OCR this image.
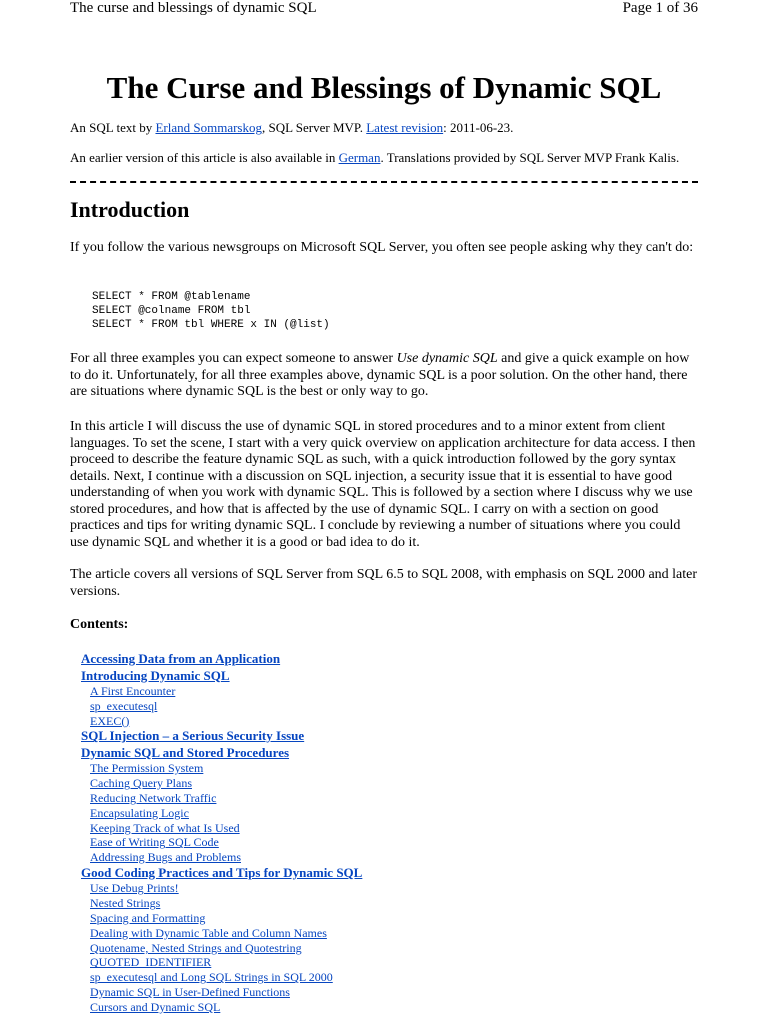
The curse and blessings of dynamic SQL	Page 1 of 36
The Curse and Blessings of Dynamic SQL

An SQL text by Erland Sommarskog, SQL Server MVP. Latest revision: 2011-06-23.

An earlier version of this article is also available in German. Translations provided by SQL Server MVP Frank Kalis.

Introduction

If you follow the various newsgroups on Microsoft SQL Server, you often see people asking why they can't do:

SELECT * FROM @tablename
SELECT @colname FROM tbl
SELECT * FROM tbl WHERE x IN (@list)

For all three examples you can expect someone to answer Use dynamic SQL and give a quick example on how to do it. Unfortunately, for all three examples above, dynamic SQL is a poor solution. On the other hand, there are situations where dynamic SQL is the best or only way to go.

In this article I will discuss the use of dynamic SQL in stored procedures and to a minor extent from client languages. To set the scene, I start with a very quick overview on application architecture for data access. I then proceed to describe the feature dynamic SQL as such, with a quick introduction followed by the gory syntax details. Next, I continue with a discussion on SQL injection, a security issue that it is essential to have good understanding of when you work with dynamic SQL. This is followed by a section where I discuss why we use stored procedures, and how that is affected by the use of dynamic SQL. I carry on with a section on good practices and tips for writing dynamic SQL. I conclude by reviewing a number of situations where you could use dynamic SQL and whether it is a good or bad idea to do it.

The article covers all versions of SQL Server from SQL 6.5 to SQL 2008, with emphasis on SQL 2000 and later versions.

Contents:

Accessing Data from an Application
Introducing Dynamic SQL
A First Encounter
sp_executesql
EXEC()
SQL Injection – a Serious Security Issue
Dynamic SQL and Stored Procedures
The Permission System
Caching Query Plans
Reducing Network Traffic
Encapsulating Logic
Keeping Track of what Is Used
Ease of Writing SQL Code
Addressing Bugs and Problems
Good Coding Practices and Tips for Dynamic SQL
Use Debug Prints!
Nested Strings
Spacing and Formatting
Dealing with Dynamic Table and Column Names
Quotename, Nested Strings and Quotestring
QUOTED_IDENTIFIER
sp_executesql and Long SQL Strings in SQL 2000
Dynamic SQL in User-Defined Functions
Cursors and Dynamic SQL
